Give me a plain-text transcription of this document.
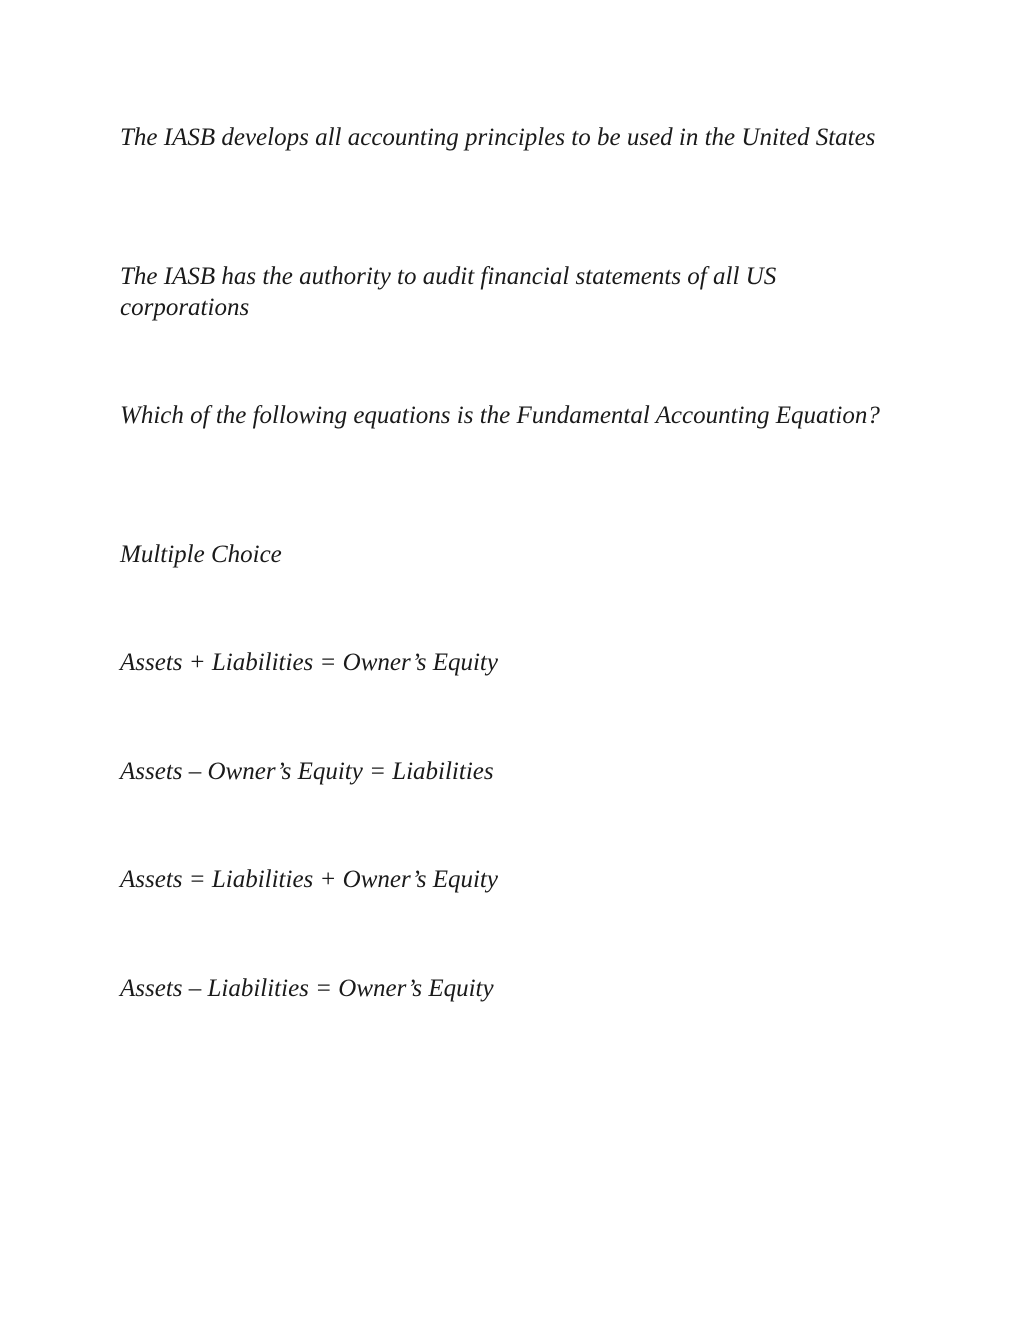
The IASB develops all accounting principles to be used in the United States

The IASB has the authority to audit financial statements of all US corporations

Which of the following equations is the Fundamental Accounting Equation?

Multiple Choice

Assets + Liabilities = Owner’s Equity

Assets – Owner’s Equity = Liabilities

Assets = Liabilities + Owner’s Equity

Assets – Liabilities = Owner’s Equity
